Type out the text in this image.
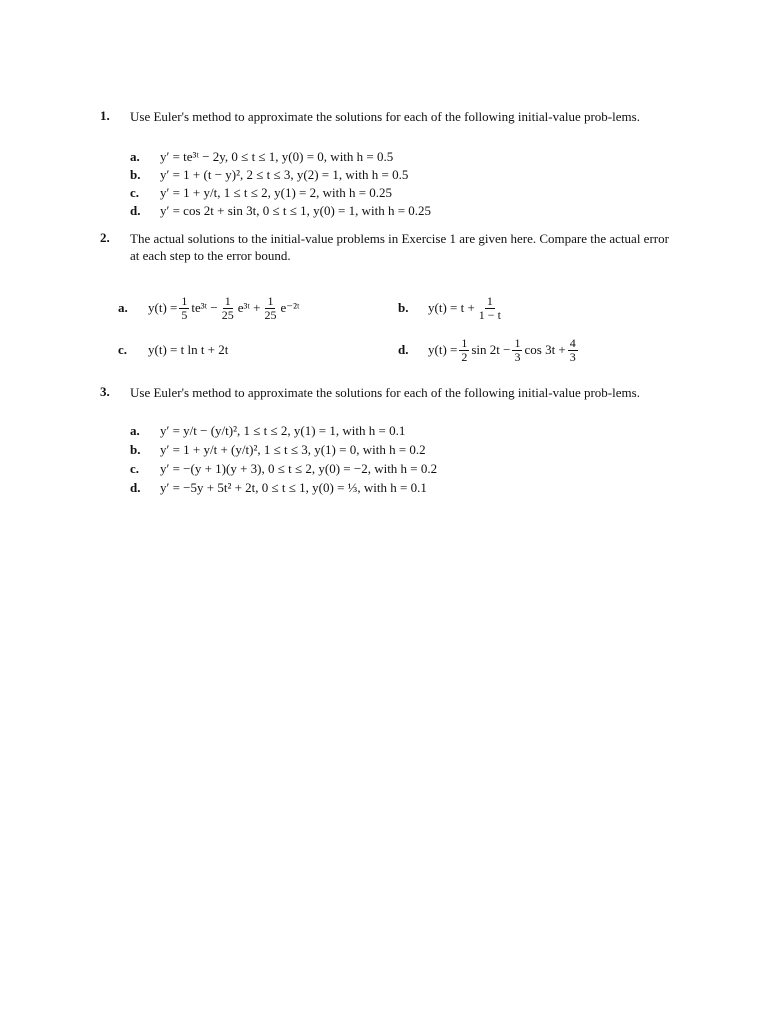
1. Use Euler's method to approximate the solutions for each of the following initial-value prob-lems.
a. y′ = te³ᵗ − 2y, 0 ≤ t ≤ 1, y(0) = 0, with h = 0.5
b. y′ = 1 + (t − y)², 2 ≤ t ≤ 3, y(2) = 1, with h = 0.5
c. y′ = 1 + y/t, 1 ≤ t ≤ 2, y(1) = 2, with h = 0.25
d. y′ = cos 2t + sin 3t, 0 ≤ t ≤ 1, y(0) = 1, with h = 0.25
2. The actual solutions to the initial-value problems in Exercise 1 are given here. Compare the actual error at each step to the error bound.
a.	$y(t) = \frac{1}{5}$ te³ᵗ − $\frac{1}{25}$ e³ᵗ + $\frac{1}{25}$ e⁻²ᵗ	b.	$y(t) = t + \frac{1}{1 - t}$
c.	y(t) = t ln t + 2t	d.	$y(t) = \frac{1}{2}$ $\sin 2t - \frac{1}{3}$ $\cos 3t + \frac{4}{3}$
3. Use Euler's method to approximate the solutions for each of the following initial-value prob-lems.
a. y′ = y/t − (y/t)², 1 ≤ t ≤ 2, y(1) = 1, with h = 0.1
b. y′ = 1 + y/t + (y/t)², 1 ≤ t ≤ 3, y(1) = 0, with h = 0.2
c. y′ = −(y + 1)(y + 3), 0 ≤ t ≤ 2, y(0) = −2, with h = 0.2
d. y′ = −5y + 5t² + 2t, 0 ≤ t ≤ 1, y(0) = ⅓, with h = 0.1
